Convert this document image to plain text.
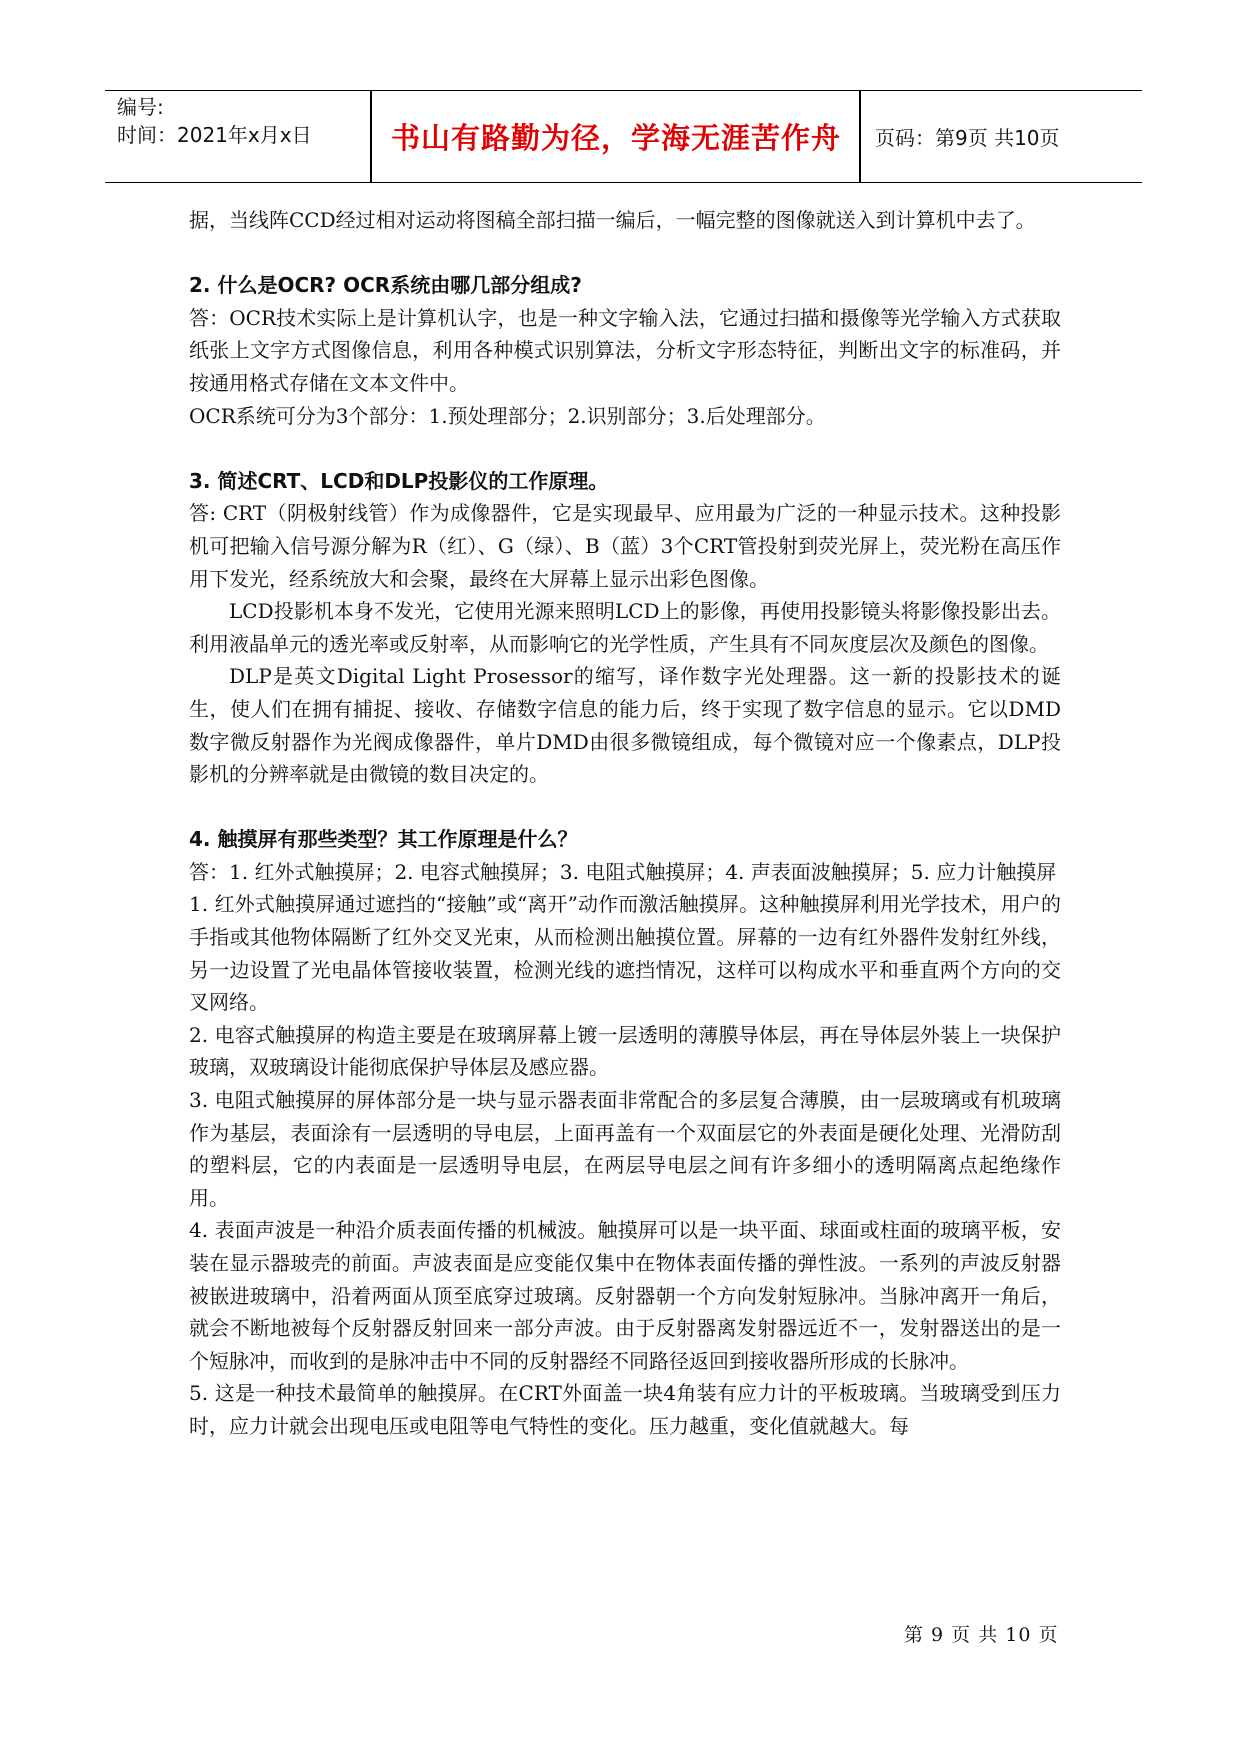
编号:
时间：2021年x月x日	书山有路勤为径，学海无涯苦作舟	页码：第9页 共10页

据，当线阵CCD经过相对运动将图稿全部扫描一编后，一幅完整的图像就送入到计算机中去了。

2. 什么是OCR? OCR系统由哪几部分组成?

答：OCR技术实际上是计算机认字，也是一种文字输入法，它通过扫描和摄像等光学输入方式获取纸张上文字方式图像信息，利用各种模式识别算法，分析文字形态特征，判断出文字的标准码，并按通用格式存储在文本文件中。

OCR系统可分为3个部分：1.预处理部分；2.识别部分；3.后处理部分。

3. 简述CRT、LCD和DLP投影仪的工作原理。

答: CRT（阴极射线管）作为成像器件，它是实现最早、应用最为广泛的一种显示技术。这种投影机可把输入信号源分解为R（红）、G（绿）、B（蓝）3个CRT管投射到荧光屏上，荧光粉在高压作用下发光，经系统放大和会聚，最终在大屏幕上显示出彩色图像。

LCD投影机本身不发光，它使用光源来照明LCD上的影像，再使用投影镜头将影像投影出去。利用液晶单元的透光率或反射率，从而影响它的光学性质，产生具有不同灰度层次及颜色的图像。

DLP是英文Digital Light Prosessor的缩写，译作数字光处理器。这一新的投影技术的诞生，使人们在拥有捕捉、接收、存储数字信息的能力后，终于实现了数字信息的显示。它以DMD数字微反射器作为光阀成像器件，单片DMD由很多微镜组成，每个微镜对应一个像素点，DLP投影机的分辨率就是由微镜的数目决定的。

4. 触摸屏有那些类型？其工作原理是什么？

答：1. 红外式触摸屏；2. 电容式触摸屏；3. 电阻式触摸屏；4. 声表面波触摸屏；5. 应力计触摸屏

1. 红外式触摸屏通过遮挡的“接触”或“离开”动作而激活触摸屏。这种触摸屏利用光学技术，用户的手指或其他物体隔断了红外交叉光束，从而检测出触摸位置。屏幕的一边有红外器件发射红外线，另一边设置了光电晶体管接收装置，检测光线的遮挡情况，这样可以构成水平和垂直两个方向的交叉网络。

2. 电容式触摸屏的构造主要是在玻璃屏幕上镀一层透明的薄膜导体层，再在导体层外装上一块保护玻璃，双玻璃设计能彻底保护导体层及感应器。

3. 电阻式触摸屏的屏体部分是一块与显示器表面非常配合的多层复合薄膜，由一层玻璃或有机玻璃作为基层，表面涂有一层透明的导电层，上面再盖有一个双面层它的外表面是硬化处理、光滑防刮的塑料层，它的内表面是一层透明导电层，在两层导电层之间有许多细小的透明隔离点起绝缘作用。

4. 表面声波是一种沿介质表面传播的机械波。触摸屏可以是一块平面、球面或柱面的玻璃平板，安装在显示器玻壳的前面。声波表面是应变能仅集中在物体表面传播的弹性波。一系列的声波反射器被嵌进玻璃中，沿着两面从顶至底穿过玻璃。反射器朝一个方向发射短脉冲。当脉冲离开一角后，就会不断地被每个反射器反射回来一部分声波。由于反射器离发射器远近不一，发射器送出的是一个短脉冲，而收到的是脉冲击中不同的反射器经不同路径返回到接收器所形成的长脉冲。

5. 这是一种技术最简单的触摸屏。在CRT外面盖一块4角装有应力计的平板玻璃。当玻璃受到压力时，应力计就会出现电压或电阻等电气特性的变化。压力越重，变化值就越大。每

第 9 页 共 10 页
